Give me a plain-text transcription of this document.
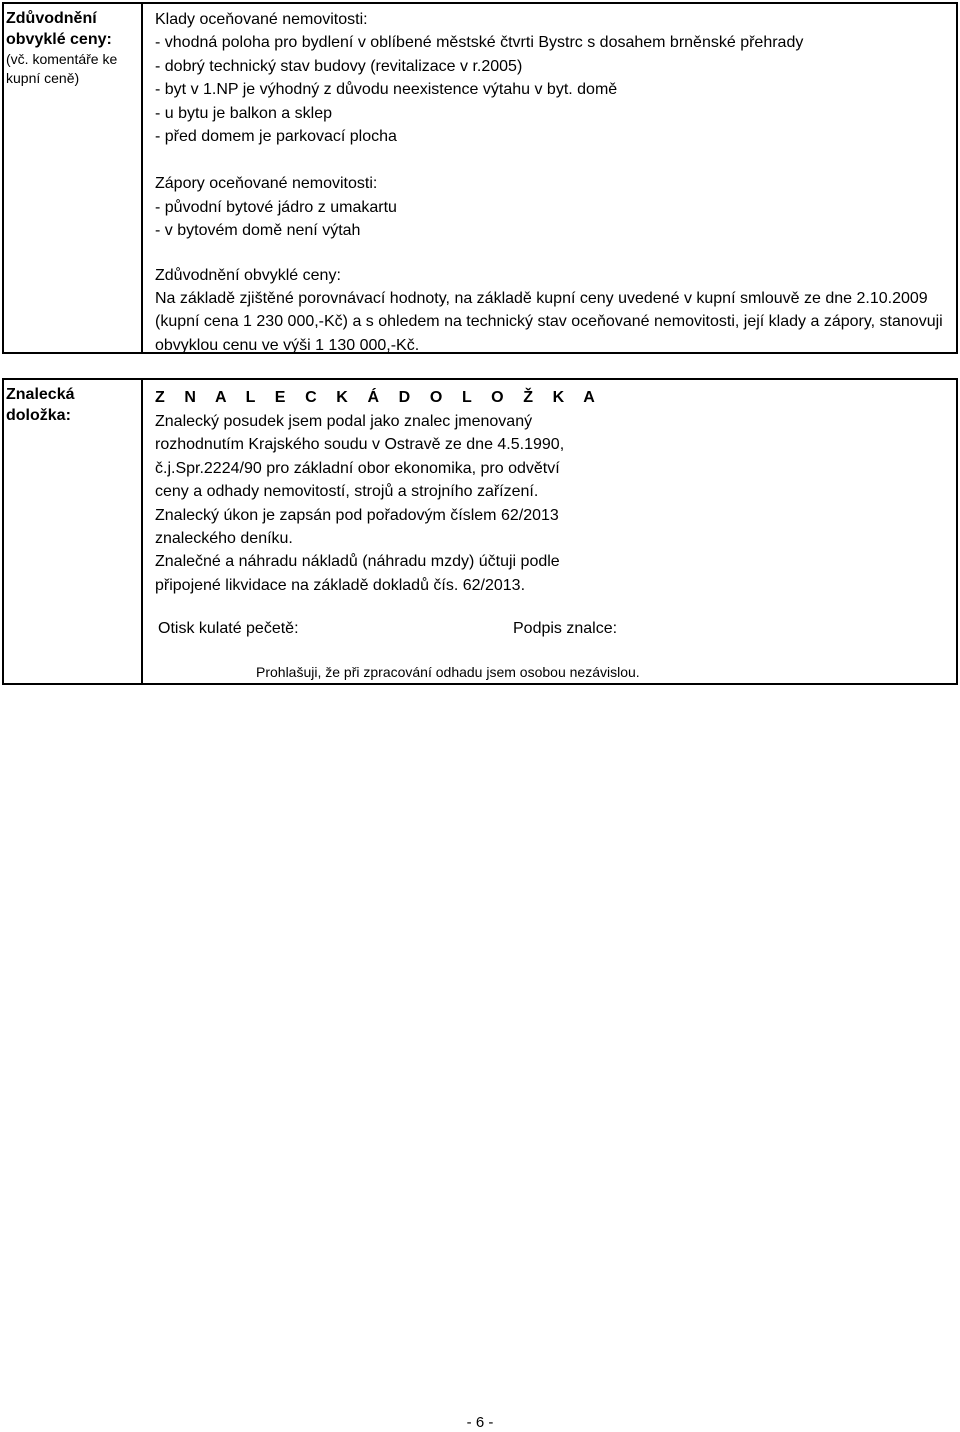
Zdůvodnění obvyklé ceny:
(vč. komentáře ke kupní ceně)
Klady oceňované nemovitosti:
- vhodná poloha pro bydlení v oblíbené městské čtvrti Bystrc s dosahem brněnské přehrady
- dobrý technický stav budovy (revitalizace v r.2005)
- byt v 1.NP je výhodný z důvodu neexistence výtahu v byt. domě
- u bytu je balkon a sklep
- před domem je parkovací plocha
Zápory oceňované nemovitosti:
- původní bytové jádro z umakartu
- v bytovém domě není výtah
Zdůvodnění obvyklé ceny:
Na základě zjištěné porovnávací hodnoty, na základě kupní ceny uvedené v kupní smlouvě ze dne 2.10.2009 (kupní cena 1 230 000,-Kč) a s ohledem na technický stav oceňované nemovitosti, její klady a zápory, stanovuji obvyklou cenu ve výši 1 130 000,-Kč.
Znalecká doložka:
Z N A L E C K Á D O L O Ž K A
Znalecký posudek jsem podal jako znalec jmenovaný
rozhodnutím Krajského soudu v Ostravě ze dne 4.5.1990,
č.j.Spr.2224/90 pro základní obor ekonomika, pro odvětví
ceny a odhady nemovitostí, strojů a strojního zařízení.
Znalecký úkon je zapsán pod pořadovým číslem 62/2013
znaleckého deníku.
Znalečné a náhradu nákladů (náhradu mzdy) účtuji podle
připojené likvidace na základě dokladů čís. 62/2013.
Otisk kulaté pečetě:	Podpis znalce:
Prohlašuji, že při zpracování odhadu jsem osobou nezávislou.
- 6 -
